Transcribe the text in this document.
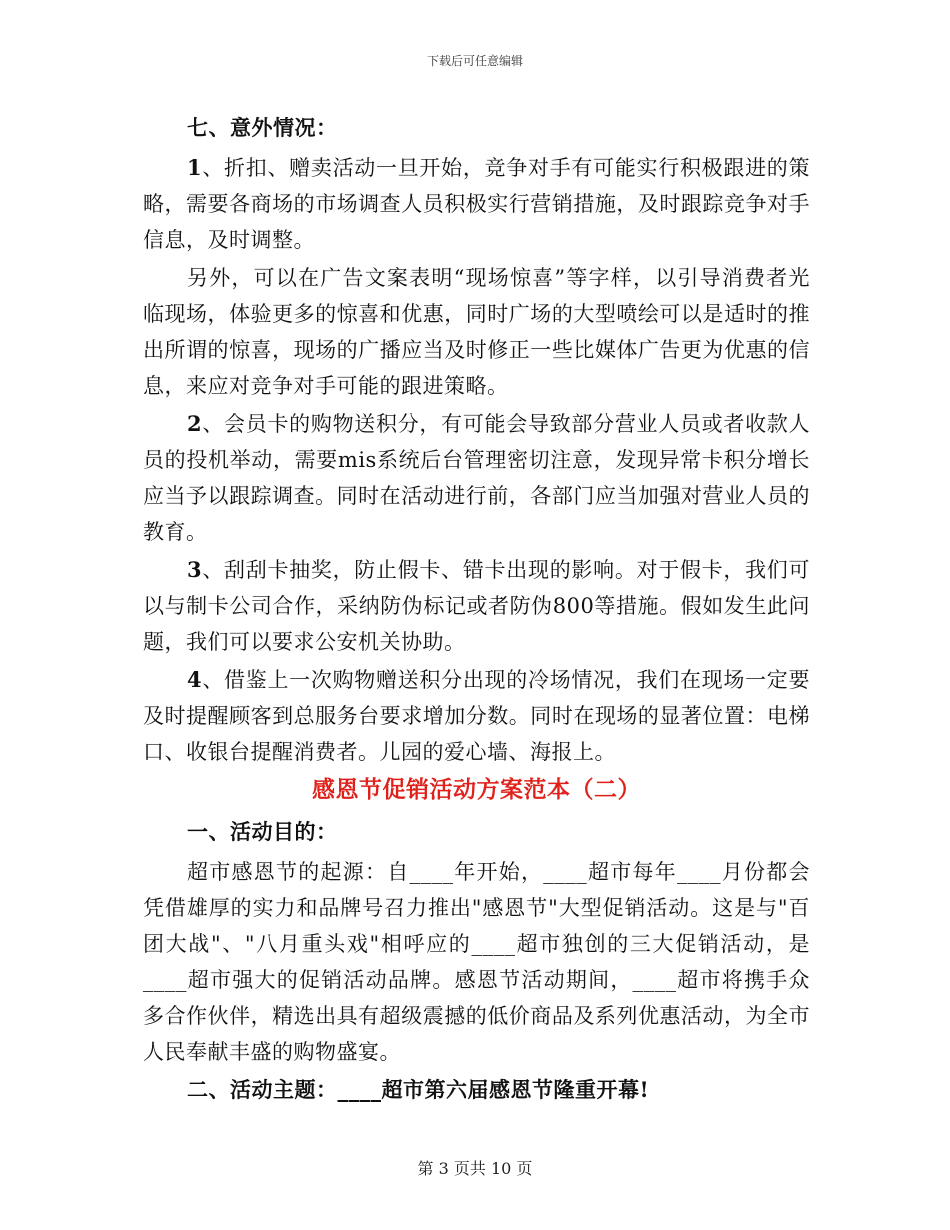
下载后可任意编辑

七、意外情况：

1、折扣、赠卖活动一旦开始，竞争对手有可能实行积极跟进的策略，需要各商场的市场调查人员积极实行营销措施，及时跟踪竞争对手信息，及时调整。

另外，可以在广告文案表明“现场惊喜”等字样，以引导消费者光临现场，体验更多的惊喜和优惠，同时广场的大型喷绘可以是适时的推出所谓的惊喜，现场的广播应当及时修正一些比媒体广告更为优惠的信息，来应对竞争对手可能的跟进策略。

2、会员卡的购物送积分，有可能会导致部分营业人员或者收款人员的投机举动，需要mis系统后台管理密切注意，发现异常卡积分增长应当予以跟踪调查。同时在活动进行前，各部门应当加强对营业人员的教育。

3、刮刮卡抽奖，防止假卡、错卡出现的影响。对于假卡，我们可以与制卡公司合作，采纳防伪标记或者防伪800等措施。假如发生此问题，我们可以要求公安机关协助。

4、借鉴上一次购物赠送积分出现的冷场情况，我们在现场一定要及时提醒顾客到总服务台要求增加分数。同时在现场的显著位置：电梯口、收银台提醒消费者。儿园的爱心墙、海报上。

感恩节促销活动方案范本（二）

一、活动目的：

超市感恩节的起源：自____年开始，____超市每年____月份都会凭借雄厚的实力和品牌号召力推出"感恩节"大型促销活动。这是与"百团大战"、"八月重头戏"相呼应的____超市独创的三大促销活动，是____超市强大的促销活动品牌。感恩节活动期间，____超市将携手众多合作伙伴，精选出具有超级震撼的低价商品及系列优惠活动，为全市人民奉献丰盛的购物盛宴。

二、活动主题：____超市第六届感恩节隆重开幕!

第 3 页共 10 页
